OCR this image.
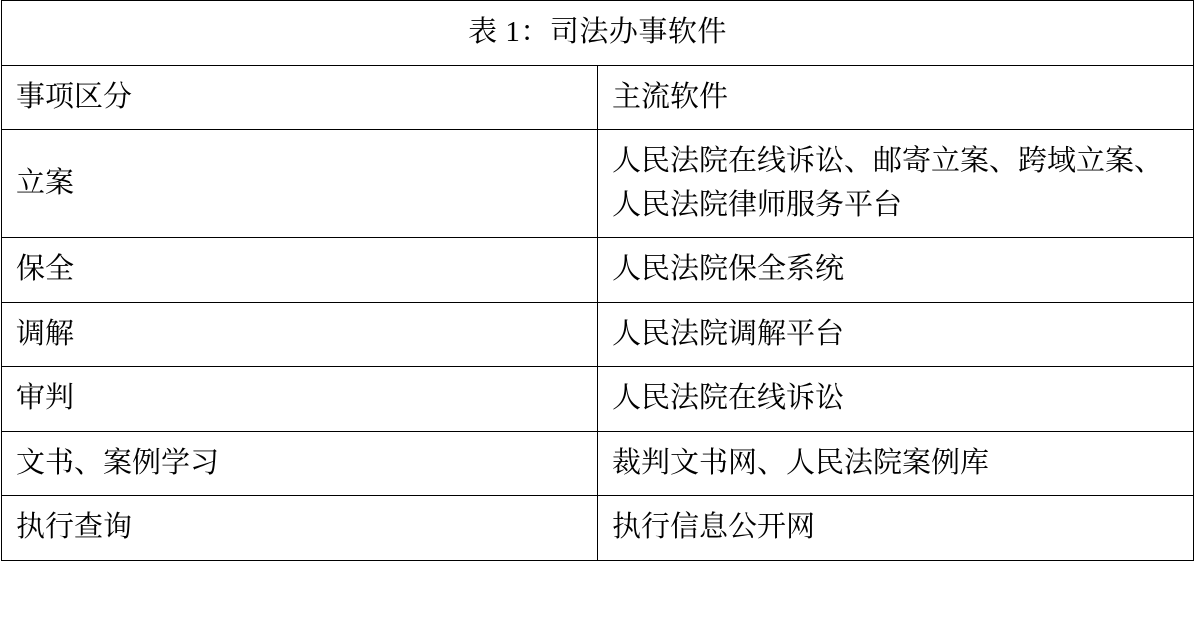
表 1：司法办事软件	
事项区分	主流软件
立案	人民法院在线诉讼、邮寄立案、跨域立案、
人民法院律师服务平台

保全	人民法院保全系统
调解	人民法院调解平台
审判	人民法院在线诉讼
文书、案例学习	裁判文书网、人民法院案例库
执行查询	执行信息公开网
